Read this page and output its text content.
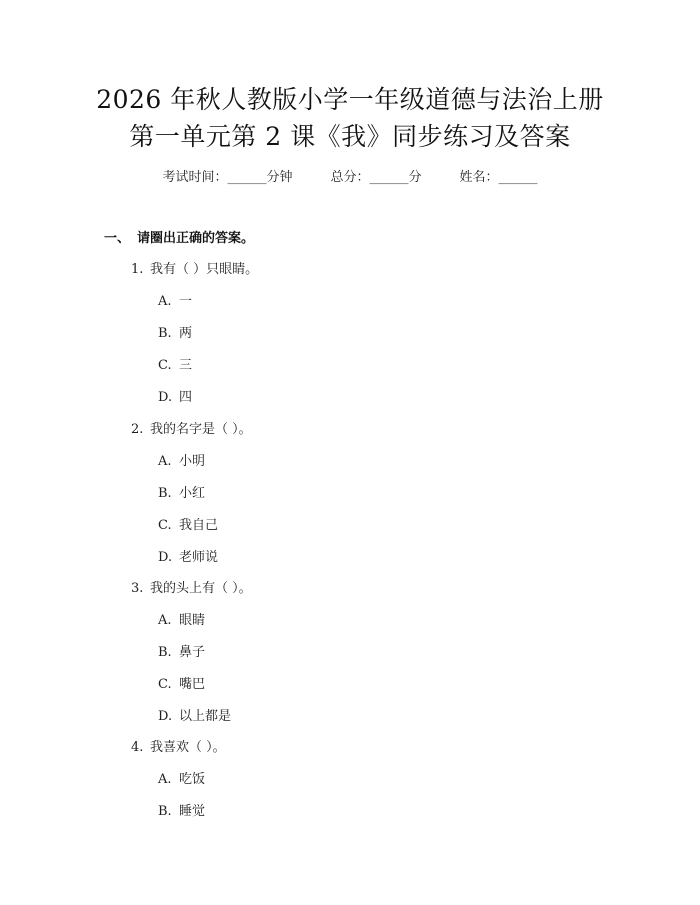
2026 年秋人教版小学一年级道德与法治上册
第一单元第 2 课《我》同步练习及答案
考试时间：______分钟	总分：______分	姓名：______
一、 请圈出正确的答案。
1. 我有（ ）只眼睛。
A. 一
B. 两
C. 三
D. 四
2. 我的名字是（ ）。
A. 小明
B. 小红
C. 我自己
D. 老师说
3. 我的头上有（ ）。
A. 眼睛
B. 鼻子
C. 嘴巴
D. 以上都是
4. 我喜欢（ ）。
A. 吃饭
B. 睡觉
